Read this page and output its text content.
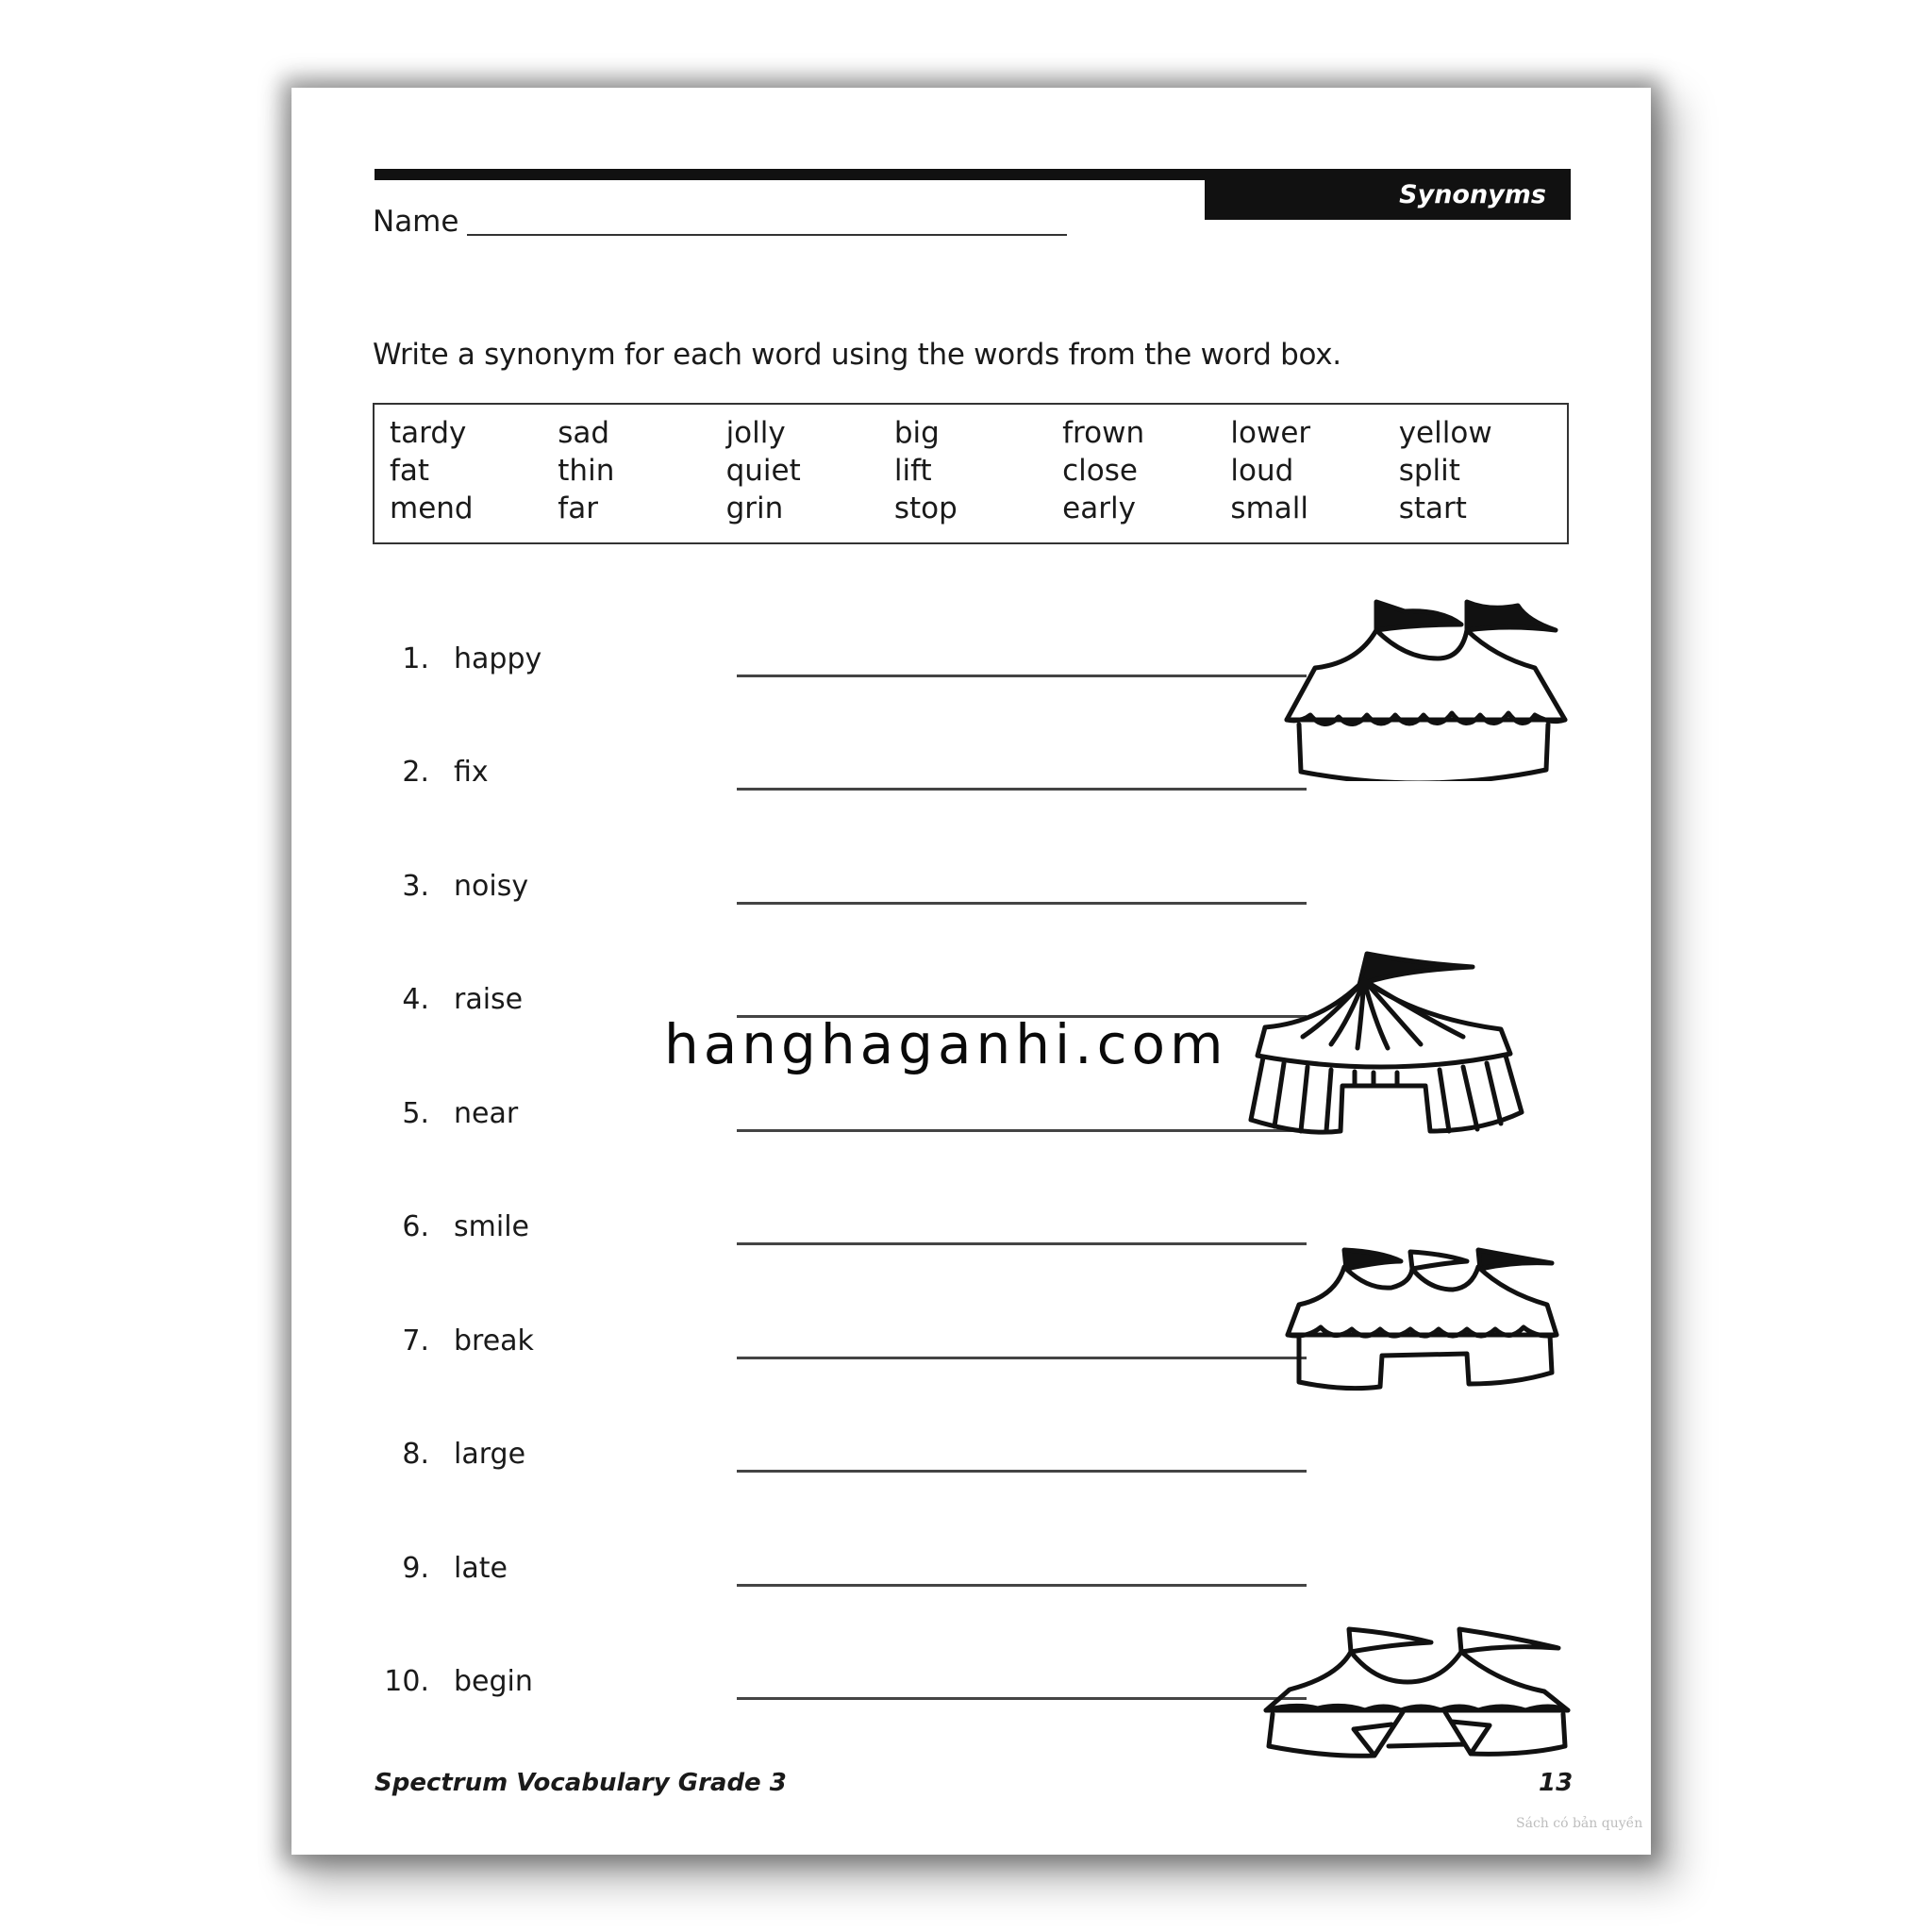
Synonyms
Name
Write a synonym for each word using the words from the word box.
tardy	sad	jolly	big	frown	lower	yellow
fat	thin	quiet	lift	close	loud	split
mend	far	grin	stop	early	small	start
1. happy
2. fix
3. noisy
4. raise
5. near
6. smile
7. break
8. large
9. late
10. begin
hanghaganhi.com
Spectrum Vocabulary Grade 3	13
Sách có bản quyền
